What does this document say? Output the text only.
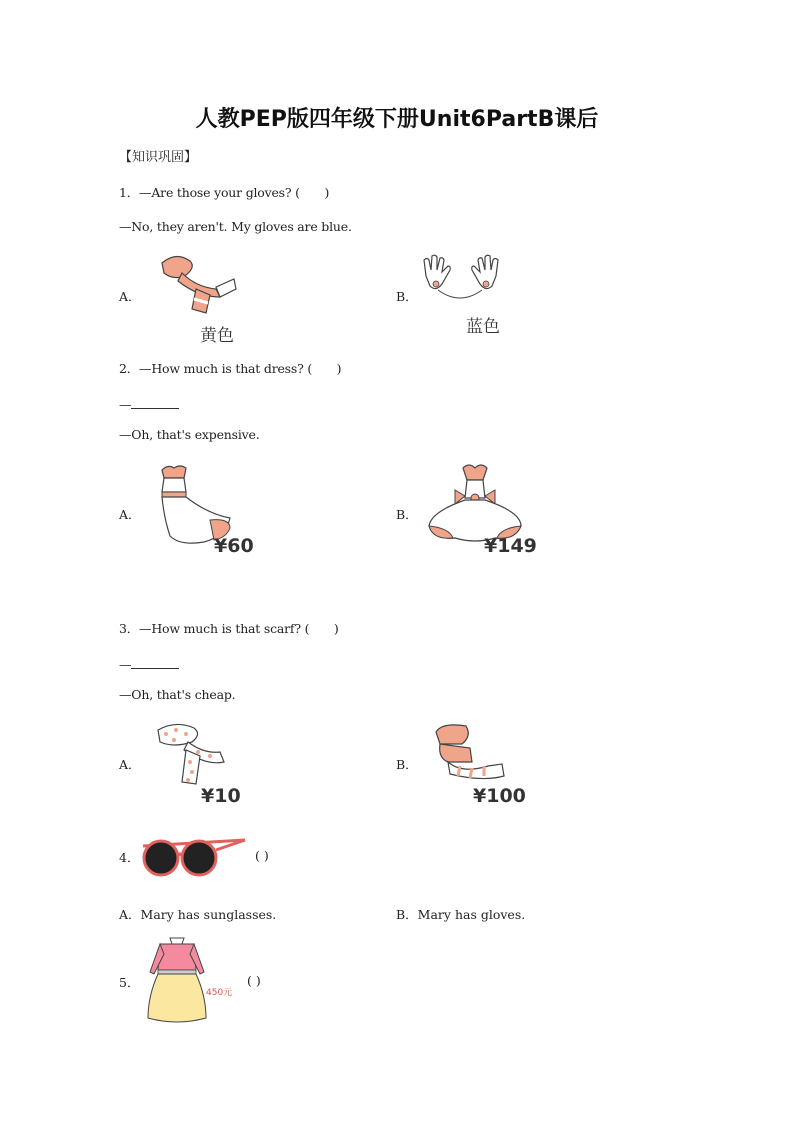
人教PEP版四年级下册Unit6PartB课后
【知识巩固】
1．—Are those your gloves? (　　)
—No, they aren't. My gloves are blue.
A．
黄色
B．
蓝色
2．—How much is that dress? (　　)
—
—Oh, that's expensive.
A．
¥60
B．
¥149
3．—How much is that scarf? (　　)
—
—Oh, that's cheap.
A．
¥10
B．
¥100
4．	( )
A．Mary has sunglasses.	B．Mary has gloves.
5．
450元
( )
